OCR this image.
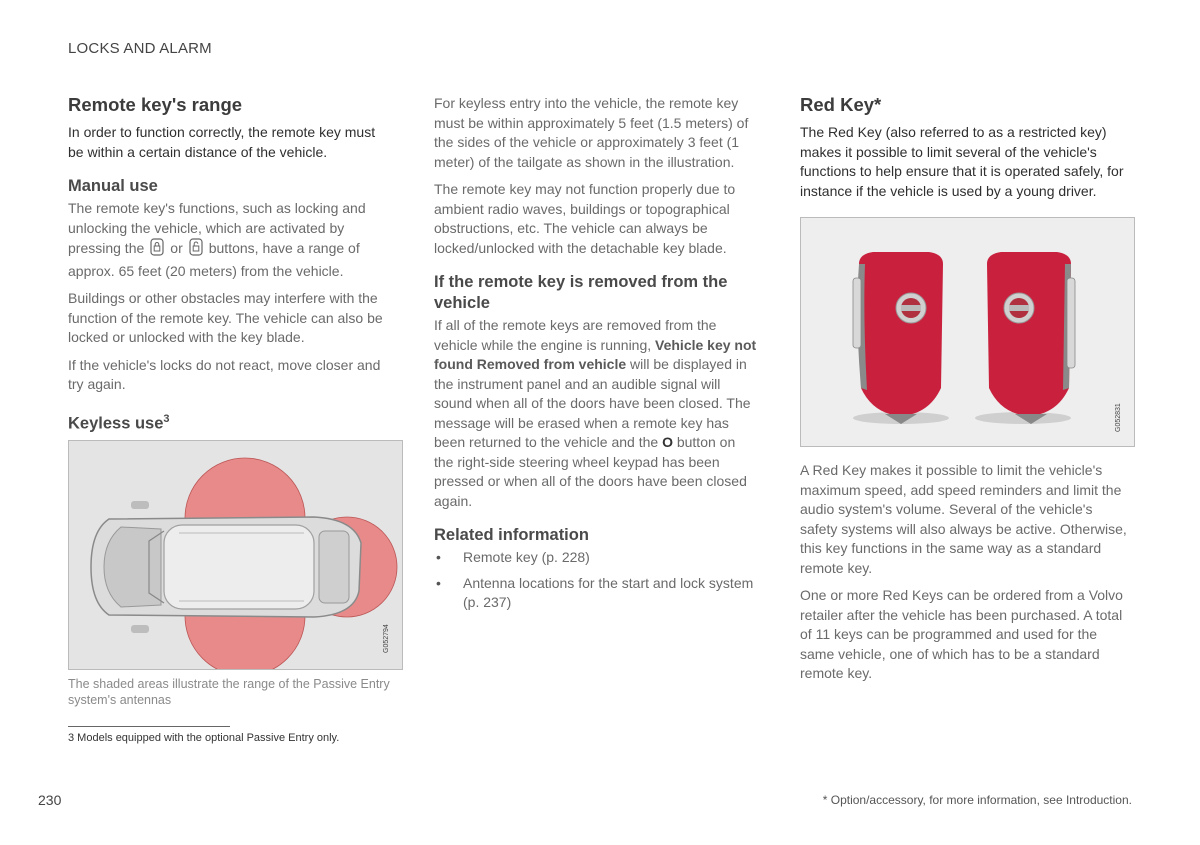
LOCKS AND ALARM
Remote key's range

In order to function correctly, the remote key must be within a certain distance of the vehicle.

Manual use

The remote key's functions, such as locking and unlocking the vehicle, which are activated by pressing the or buttons, have a range of approx. 65 feet (20 meters) from the vehicle.

Buildings or other obstacles may interfere with the function of the remote key. The vehicle can also be locked or unlocked with the key blade.

If the vehicle's locks do not react, move closer and try again.

Keyless use$^3$
G052794

The shaded areas illustrate the range of the Passive Entry system's antennas

For keyless entry into the vehicle, the remote key must be within approximately 5 feet (1.5 meters) of the sides of the vehicle or approximately 3 feet (1 meter) of the tailgate as shown in the illustration.

The remote key may not function properly due to ambient radio waves, buildings or topographical obstructions, etc. The vehicle can always be locked/unlocked with the detachable key blade.

If the remote key is removed from the vehicle

If all of the remote keys are removed from the vehicle while the engine is running, Vehicle key not found Removed from vehicle will be displayed in the instrument panel and an audible signal will sound when all of the doors have been closed. The message will be erased when a remote key has been returned to the vehicle and the O button on the right-side steering wheel keypad has been pressed or when all of the doors have been closed again.

Related information
• Remote key (p. 228)
• Antenna locations for the start and lock system (p. 237)
Red Key*

The Red Key (also referred to as a restricted key) makes it possible to limit several of the vehicle's functions to help ensure that it is operated safely, for instance if the vehicle is used by a young driver.

G052831

A Red Key makes it possible to limit the vehicle's maximum speed, add speed reminders and limit the audio system's volume. Several of the vehicle's safety systems will also always be active. Otherwise, this key functions in the same way as a standard remote key.

One or more Red Keys can be ordered from a Volvo retailer after the vehicle has been purchased. A total of 11 keys can be programmed and used for the same vehicle, one of which has to be a standard remote key.

3 Models equipped with the optional Passive Entry only.
230	* Option/accessory, for more information, see Introduction.
